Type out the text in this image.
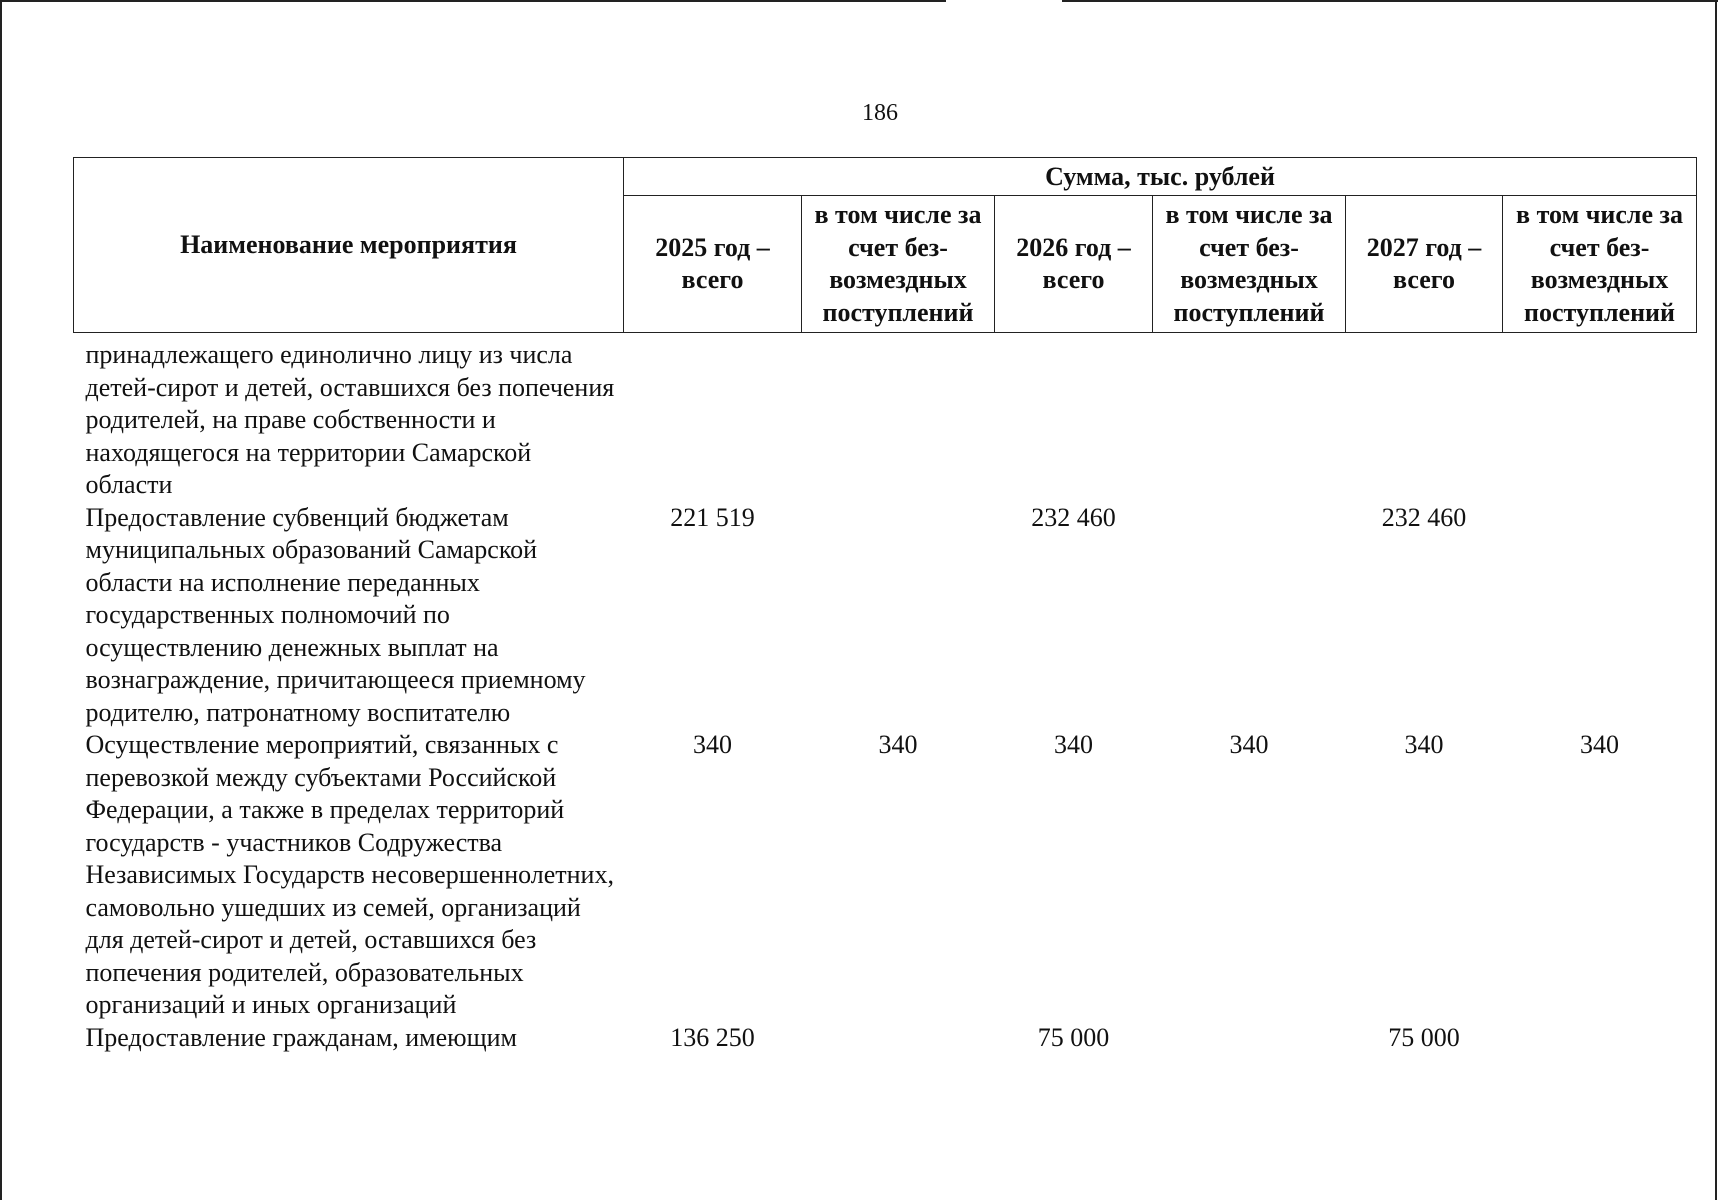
186
Наименование мероприятия	Сумма, тыс. рублей					
	2025 год – всего	в том числе за счет без-возмездных поступлений	2026 год – всего	в том числе за счет без-возмездных поступлений	2027 год – всего	в том числе за счет без-возмездных поступлений
принадлежащего единолично лицу из числа детей-сирот и детей, оставшихся без попечения родителей, на праве собственности и находящегося на территории Самарской области						
Предоставление субвенций бюджетам муниципальных образований Самарской области на исполнение переданных государственных полномочий по осуществлению денежных выплат на вознаграждение, причитающееся приемному родителю, патронатному воспитателю	221 519		232 460		232 460	
Осуществление мероприятий, связанных с перевозкой между субъектами Российской Федерации, а также в пределах территорий государств - участников Содружества Независимых Государств несовершеннолетних, самовольно ушедших из семей, организаций для детей-сирот и детей, оставшихся без попечения родителей, образовательных организаций и иных организаций	340	340	340	340	340	340
Предоставление гражданам, имеющим	136 250		75 000		75 000	
